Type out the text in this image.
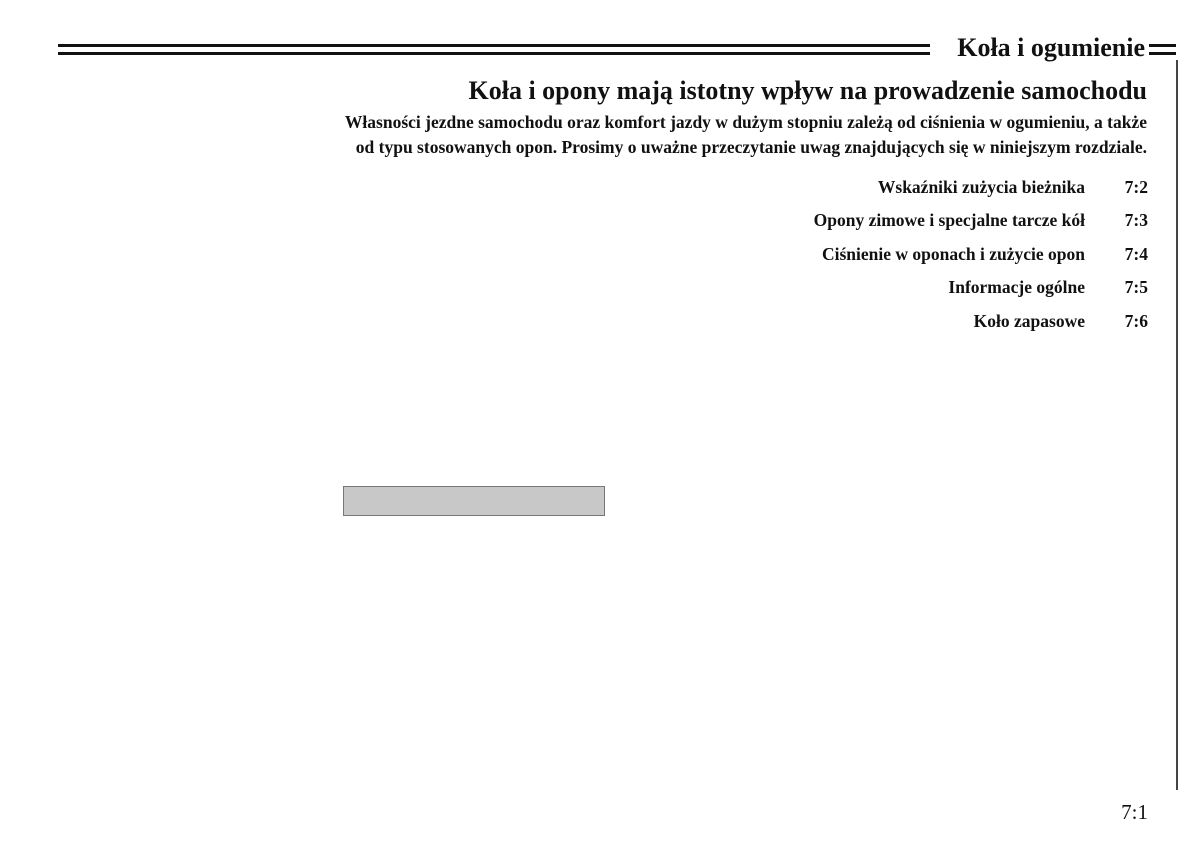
Koła i ogumienie
Koła i opony mają istotny wpływ na prowadzenie samochodu
Własności jezdne samochodu oraz komfort jazdy w dużym stopniu zależą od ciśnienia w ogumieniu, a także
od typu stosowanych opon. Prosimy o uważne przeczytanie uwag znajdujących się w niniejszym rozdziale.
Wskaźniki zużycia bieżnika 7:2
Opony zimowe i specjalne tarcze kół 7:3
Ciśnienie w oponach i zużycie opon 7:4
Informacje ogólne 7:5
Koło zapasowe 7:6
7:1
